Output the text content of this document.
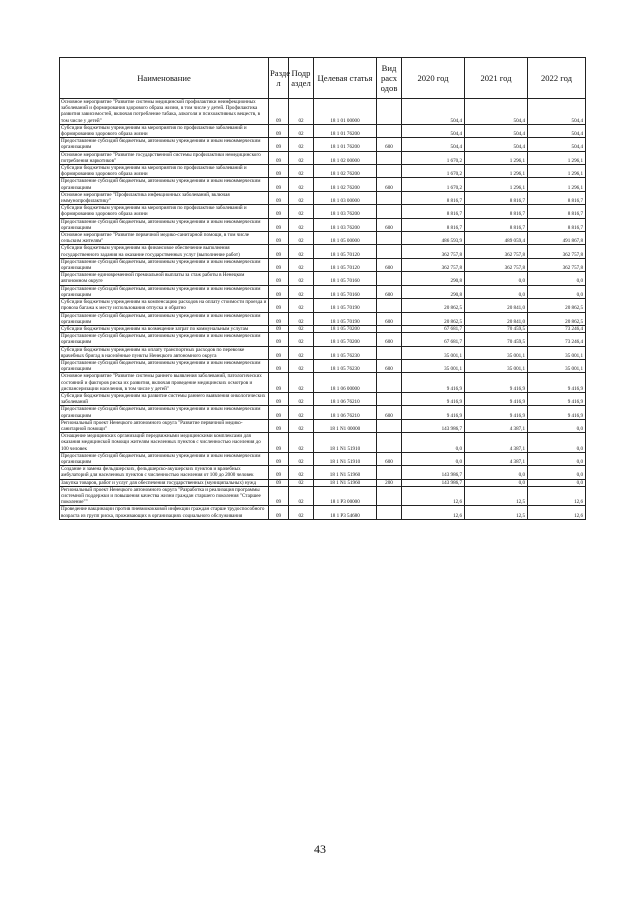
Наименование	Разде л	Подр аздел	Целевая статья	Вид расх одов	2020 год	2021 год	2022 год
Основное мероприятие "Развитие системы медицинской профилактики неинфекционных заболеваний и формирования здорового образа жизни, в том числе у детей. Профилактика развития зависимостей, включая потребление табака, алкоголя и психоактивных веществ, в том числе у детей"	09	02	18 1 01 00000		504,4	504,4	504,4
Субсидии бюджетным учреждениям на мероприятия по профилактике заболеваний и формированию здорового образа жизни	09	02	18 1 01 76200		504,4	504,4	504,4
Предоставление субсидий бюджетным, автономным учреждениям и иным некоммерческим организациям	09	02	18 1 01 76200	600	504,4	504,4	504,4
Основное мероприятие "Развитие государственной системы профилактики немедицинского потребления наркотиков"	09	02	18 1 02 00000		1 670,2	1 296,1	1 296,1
Субсидии бюджетным учреждениям на мероприятия по профилактике заболеваний и формированию здорового образа жизни	09	02	18 1 02 76200		1 670,2	1 296,1	1 296,1
Предоставление субсидий бюджетным, автономным учреждениям и иным некоммерческим организациям	09	02	18 1 02 76200	600	1 670,2	1 296,1	1 296,1
Основное мероприятие "Профилактика инфекционных заболеваний, включая иммунопрофилактику"	09	02	18 1 03 00000		8 816,7	8 816,7	8 816,7
Субсидии бюджетным учреждениям на мероприятия по профилактике заболеваний и формированию здорового образа жизни	09	02	18 1 03 76200		8 816,7	8 816,7	8 816,7
Предоставление субсидий бюджетным, автономным учреждениям и иным некоммерческим организациям	09	02	18 1 03 76200	600	8 816,7	8 816,7	8 816,7
Основное мероприятие "Развитие первичной медико-санитарной помощи, в том числе сельским жителям"	09	02	18 1 05 00000		486 593,9	489 059,4	491 867,8
Субсидии бюджетным учреждениям на финансовое обеспечение выполнения государственного задания на оказание государственных услуг (выполнение работ)	09	02	18 1 05 70120		362 757,8	362 757,8	362 757,8
Предоставление субсидий бюджетным, автономным учреждениям и иным некоммерческим организациям	09	02	18 1 05 70120	600	362 757,8	362 757,8	362 757,8
Предоставление единовременной премиальной выплаты за стаж работы в Ненецком автономном округе	09	02	18 1 05 70160		290,8	0,0	0,0
Предоставление субсидий бюджетным, автономным учреждениям и иным некоммерческим организациям	09	02	18 1 05 70160	600	290,8	0,0	0,0
Субсидии бюджетным учреждениям на компенсацию расходов на оплату стоимости проезда и провоза багажа к месту использования отпуска и обратно	09	02	18 1 05 70190		20 862,5	20 841,0	20 862,5
Предоставление субсидий бюджетным, автономным учреждениям и иным некоммерческим организациям	09	02	18 1 05 70190	600	20 862,5	20 841,0	20 862,5
Субсидии бюджетным учреждениям на возмещение затрат по коммунальным услугам	09	02	18 1 05 70200		67 681,7	70 459,5	73 246,4
Предоставление субсидий бюджетным, автономным учреждениям и иным некоммерческим организациям	09	02	18 1 05 70200	600	67 681,7	70 459,5	73 246,4
Субсидии бюджетным учреждениям на оплату транспортных расходов по перевозке врачебных бригад в населённые пункты Ненецкого автономного округа	09	02	18 1 05 76230		35 001,1	35 001,1	35 001,1
Предоставление субсидий бюджетным, автономным учреждениям и иным некоммерческим организациям	09	02	18 1 05 76230	600	35 001,1	35 001,1	35 001,1
Основное мероприятие "Развитие системы раннего выявления заболеваний, патологических состояний и факторов риска их развития, включая проведение медицинских осмотров и диспансеризации населения, в том числе у детей"	09	02	18 1 06 00000		9 416,9	9 416,9	9 416,9
Субсидии бюджетным учреждениям на развитие системы раннего выявления онкологических заболеваний	09	02	18 1 06 76210		9 416,9	9 416,9	9 416,9
Предоставление субсидий бюджетным, автономным учреждениям и иным некоммерческим организациям	09	02	18 1 06 76210	600	9 416,9	9 416,9	9 416,9
Региональный проект Ненецкого автономного округа "Развитие первичной медико-санитарной помощи"	09	02	18 1 N1 00000		143 986,7	4 387,1	0,0
Оснащение медицинских организаций передвижными медицинскими комплексами для оказания медицинской помощи жителям населенных пунктов с численностью населения до 100 человек	09	02	18 1 N1 51910		0,0	4 387,1	0,0
Предоставление субсидий бюджетным, автономным учреждениям и иным некоммерческим организациям	09	02	18 1 N1 51910	600	0,0	4 387,1	0,0
Создание и замена фельдшерских, фельдшерско-акушерских пунктов и врачебных амбулаторий для населенных пунктов с численностью населения от 100 до 2000 человек	09	02	18 1 N1 51960		143 986,7	0,0	0,0
Закупка товаров, работ и услуг для обеспечения государственных (муниципальных) нужд	09	02	18 1 N1 51960	200	143 986,7	0,0	0,0
Региональный проект Ненецкого автономного округа "Разработка и реализация программы системной поддержки и повышения качества жизни граждан старшего поколения "Старшее поколение""	09	02	18 1 P3 00000		12,6	12,5	12,6
Проведение вакцинации против пневмококковой инфекции граждан старше трудоспособного возраста из групп риска, проживающих в организациях социального обслуживания	09	02	18 1 P3 54680		12,6	12,5	12,6
43
